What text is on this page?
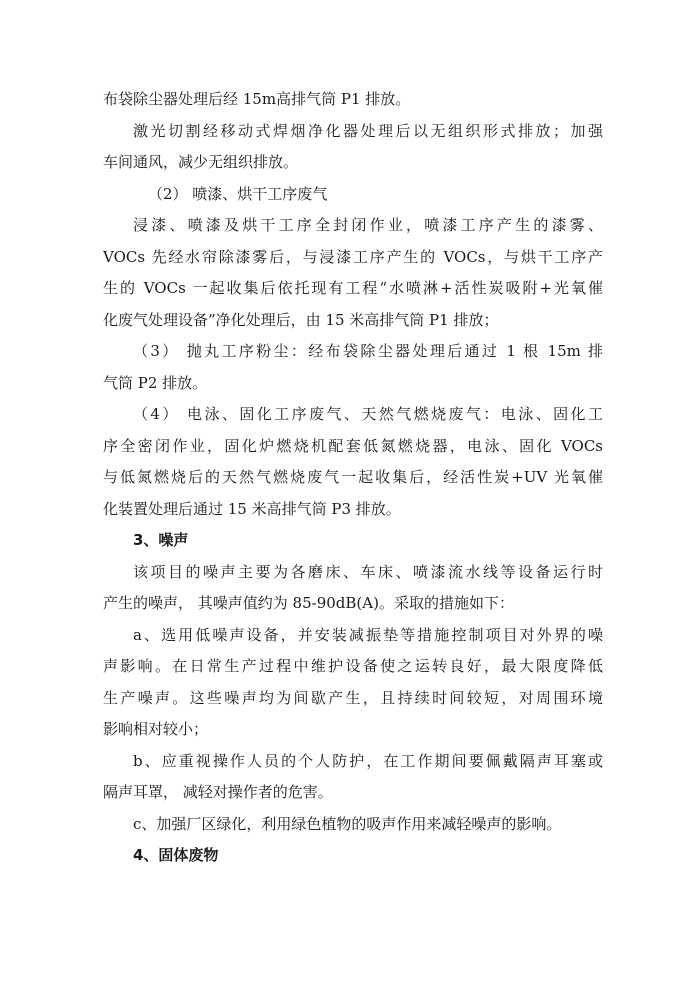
布袋除尘器处理后经 15m高排气筒 P1 排放。
激光切割经移动式焊烟净化器处理后以无组织形式排放；加强
车间通风，减少无组织排放。
（2） 喷漆、烘干工序废气
浸漆、喷漆及烘干工序全封闭作业，喷漆工序产生的漆雾、
VOCs 先经水帘除漆雾后，与浸漆工序产生的 VOCs，与烘干工序产
生的 VOCs 一起收集后依托现有工程“水喷淋+活性炭吸附+光氧催
化废气处理设备”净化处理后，由 15 米高排气筒 P1 排放；
（3） 抛丸工序粉尘：经布袋除尘器处理后通过 1 根 15m 排
气筒 P2 排放。
（4） 电泳、固化工序废气、天然气燃烧废气：电泳、固化工
序全密闭作业，固化炉燃烧机配套低氮燃烧器，电泳、固化 VOCs
与低氮燃烧后的天然气燃烧废气一起收集后，经活性炭+UV 光氧催
化装置处理后通过 15 米高排气筒 P3 排放。
3、噪声
该项目的噪声主要为各磨床、车床、喷漆流水线等设备运行时
产生的噪声， 其噪声值约为 85-90dB(A)。采取的措施如下：
a、选用低噪声设备，并安装减振垫等措施控制项目对外界的噪
声影响。在日常生产过程中维护设备使之运转良好，最大限度降低
生产噪声。这些噪声均为间歇产生，且持续时间较短，对周围环境
影响相对较小；
b、应重视操作人员的个人防护，在工作期间要佩戴隔声耳塞或
隔声耳罩， 减轻对操作者的危害。
c、加强厂区绿化，利用绿色植物的吸声作用来减轻噪声的影响。
4、固体废物
